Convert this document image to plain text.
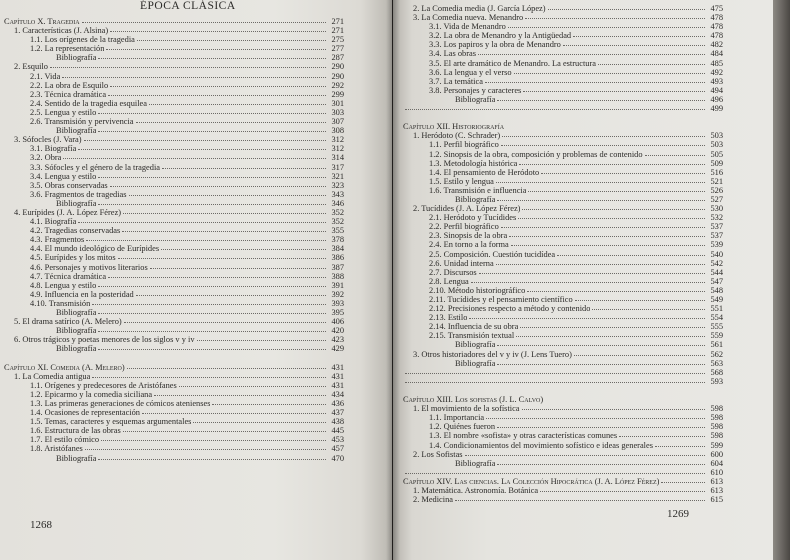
ÉPOCA CLÁSICA
Capítulo X. Tragedia	271
1. Características (J. Alsina)	271
1.1. Los orígenes de la tragedia	275
1.2. La representación	277
Bibliografía	287
2. Esquilo	290
2.1. Vida	290
2.2. La obra de Esquilo	292
2.3. Técnica dramática	299
2.4. Sentido de la tragedia esquilea	301
2.5. Lengua y estilo	303
2.6. Transmisión y pervivencia	307
Bibliografía	308
3. Sófocles (J. Vara)	312
3.1. Biografía	312
3.2. Obra	314
3.3. Sófocles y el género de la tragedia	317
3.4. Lengua y estilo	321
3.5. Obras conservadas	323
3.6. Fragmentos de tragedias	343
Bibliografía	346
4. Eurípides (J. A. López Férez)	352
4.1. Biografía	352
4.2. Tragedias conservadas	355
4.3. Fragmentos	378
4.4. El mundo ideológico de Eurípides	384
4.5. Eurípides y los mitos	386
4.6. Personajes y motivos literarios	387
4.7. Técnica dramática	388
4.8. Lengua y estilo	391
4.9. Influencia en la posteridad	392
4.10. Transmisión	393
Bibliografía	395
5. El drama satírico (A. Melero)	406
Bibliografía	420
6. Otros trágicos y poetas menores de los siglos v y iv	423
Bibliografía	429
Capítulo XI. Comedia (A. Melero)	431
1. La Comedia antigua	431
1.1. Orígenes y predecesores de Aristófanes	431
1.2. Epicarmo y la comedia siciliana	434
1.3. Las primeras generaciones de cómicos atenienses	436
1.4. Ocasiones de representación	437
1.5. Temas, caracteres y esquemas argumentales	438
1.6. Estructura de las obras	445
1.7. El estilo cómico	453
1.8. Aristófanes	457
Bibliografía	470
1268
2. La Comedia media (J. García López)	475
3. La Comedia nueva. Menandro	478
3.1. Vida de Menandro	478
3.2. La obra de Menandro y la Antigüedad	478
3.3. Los papiros y la obra de Menandro	482
3.4. Las obras	484
3.5. El arte dramático de Menandro. La estructura	485
3.6. La lengua y el verso	492
3.7. La temática	493
3.8. Personajes y caracteres	494
Bibliografía	496
499
Capítulo XII. Historiografía
1. Heródoto (C. Schrader)	503
1.1. Perfil biográfico	503
1.2. Sinopsis de la obra, composición y problemas de contenido	505
1.3. Metodología histórica	509
1.4. El pensamiento de Heródoto	516
1.5. Estilo y lengua	521
1.6. Transmisión e influencia	526
Bibliografía	527
2. Tucídides (J. A. López Férez)	530
2.1. Heródoto y Tucídides	532
2.2. Perfil biográfico	537
2.3. Sinopsis de la obra	537
2.4. En torno a la forma	539
2.5. Composición. Cuestión tucidídea	540
2.6. Unidad interna	542
2.7. Discursos	544
2.8. Lengua	547
2.10. Método historiográfico	548
2.11. Tucídides y el pensamiento científico	549
2.12. Precisiones respecto a método y contenido	551
2.13. Estilo	554
2.14. Influencia de su obra	555
2.15. Transmisión textual	559
Bibliografía	561
3. Otros historiadores del v y iv (J. Lens Tuero)	562
Bibliografía	563
568
593
Capítulo XIII. Los sofistas (J. L. Calvo)
1. El movimiento de la sofística	598
1.1. Importancia	598
1.2. Quiénes fueron	598
1.3. El nombre «sofista» y otras características comunes	598
1.4. Condicionamientos del movimiento sofístico e ideas generales	599
2. Los Sofistas	600
Bibliografía	604
610
Capítulo XIV. Las ciencias. La Colección Hipocrática (J. A. López Férez)	613
1. Matemática. Astronomía. Botánica	613
2. Medicina	615
1269
